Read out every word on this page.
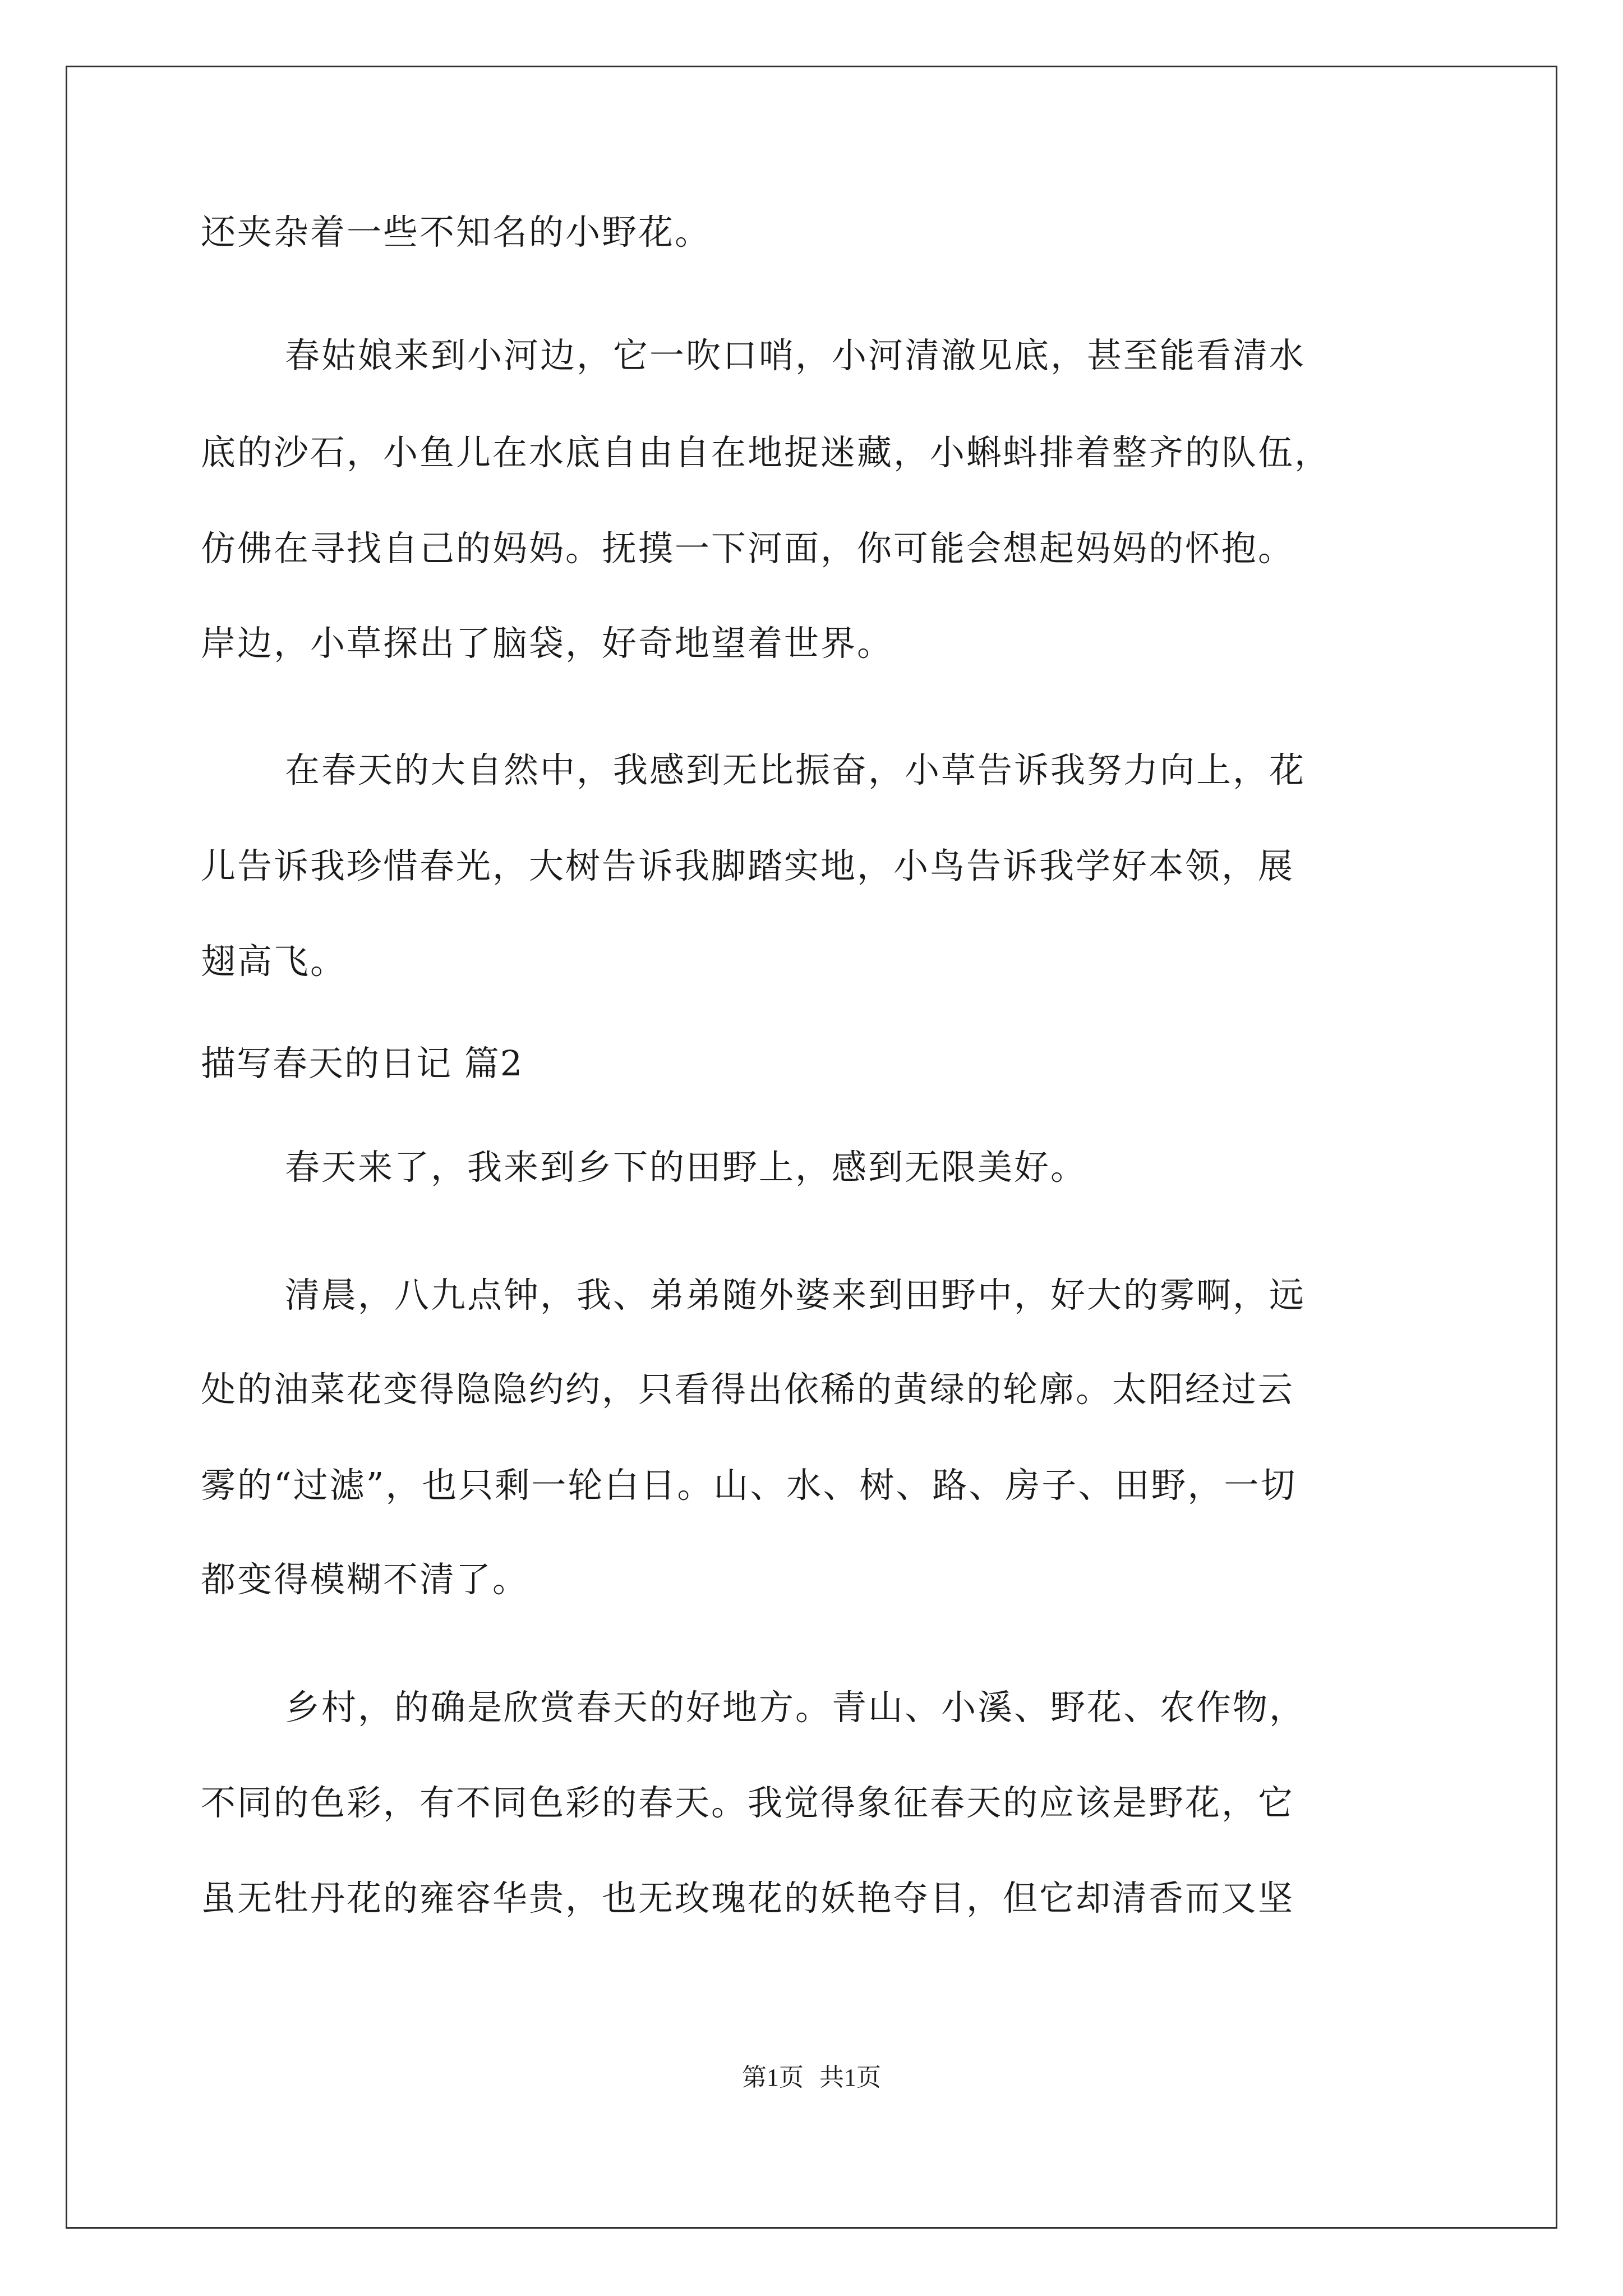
还夹杂着一些不知名的小野花。
春姑娘来到小河边，它一吹口哨，小河清澈见底，甚至能看清水
底的沙石，小鱼儿在水底自由自在地捉迷藏，小蝌蚪排着整齐的队伍，
仿佛在寻找自己的妈妈。抚摸一下河面，你可能会想起妈妈的怀抱。
岸边，小草探出了脑袋，好奇地望着世界。
在春天的大自然中，我感到无比振奋，小草告诉我努力向上，花
儿告诉我珍惜春光，大树告诉我脚踏实地，小鸟告诉我学好本领，展
翅高飞。
描写春天的日记 篇2
春天来了，我来到乡下的田野上，感到无限美好。
清晨，八九点钟，我、弟弟随外婆来到田野中，好大的雾啊，远
处的油菜花变得隐隐约约，只看得出依稀的黄绿的轮廓。太阳经过云
雾的“过滤”，也只剩一轮白日。山、水、树、路、房子、田野，一切
都变得模糊不清了。
乡村，的确是欣赏春天的好地方。青山、小溪、野花、农作物，
不同的色彩，有不同色彩的春天。我觉得象征春天的应该是野花，它
虽无牡丹花的雍容华贵，也无玫瑰花的妖艳夺目，但它却清香而又坚
第1页 共1页
